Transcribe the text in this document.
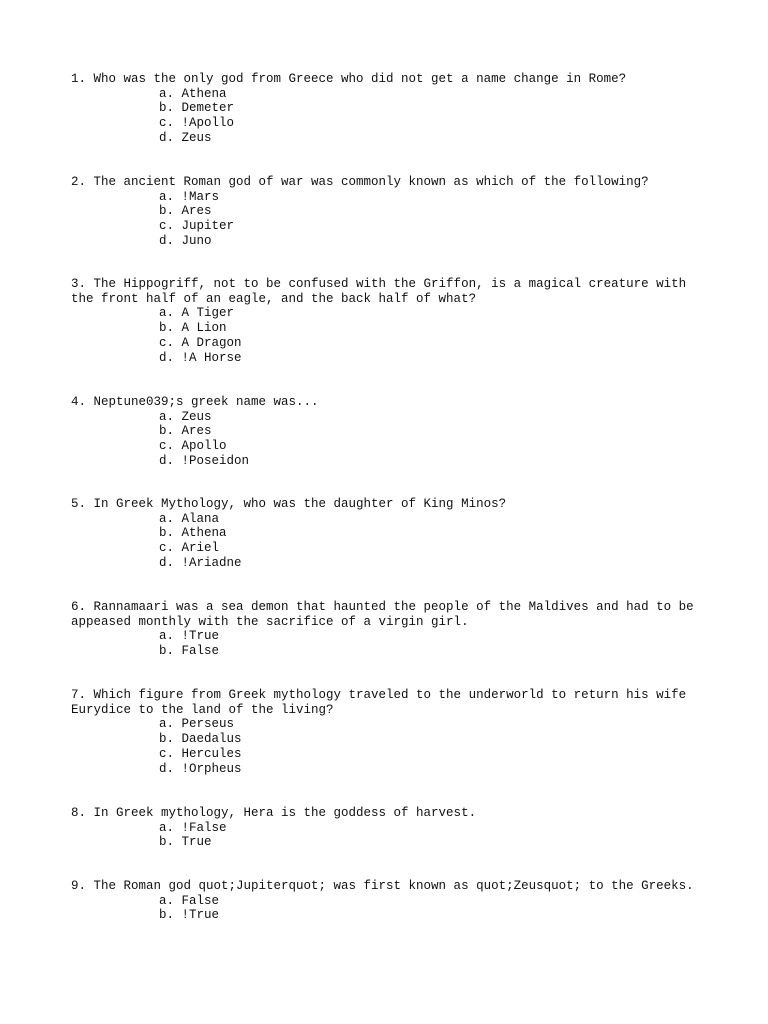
1. Who was the only god from Greece who did not get a name change in Rome?

a. Athena
b. Demeter
c. !Apollo
d. Zeus

2. The ancient Roman god of war was commonly known as which of the following?

a. !Mars
b. Ares
c. Jupiter
d. Juno

3. The Hippogriff, not to be confused with the Griffon, is a magical creature with the front half of an eagle, and the back half of what?

a. A Tiger
b. A Lion
c. A Dragon
d. !A Horse

4. Neptune039;s greek name was...

a. Zeus
b. Ares
c. Apollo
d. !Poseidon

5. In Greek Mythology, who was the daughter of King Minos?

a. Alana
b. Athena
c. Ariel
d. !Ariadne

6. Rannamaari was a sea demon that haunted the people of the Maldives and had to be appeased monthly with the sacrifice of a virgin girl.

a. !True
b. False

7. Which figure from Greek mythology traveled to the underworld to return his wife Eurydice to the land of the living?

a. Perseus
b. Daedalus
c. Hercules
d. !Orpheus

8. In Greek mythology, Hera is the goddess of harvest.

a. !False
b. True

9. The Roman god quot;Jupiterquot; was first known as quot;Zeusquot; to the Greeks.

a. False
b. !True
